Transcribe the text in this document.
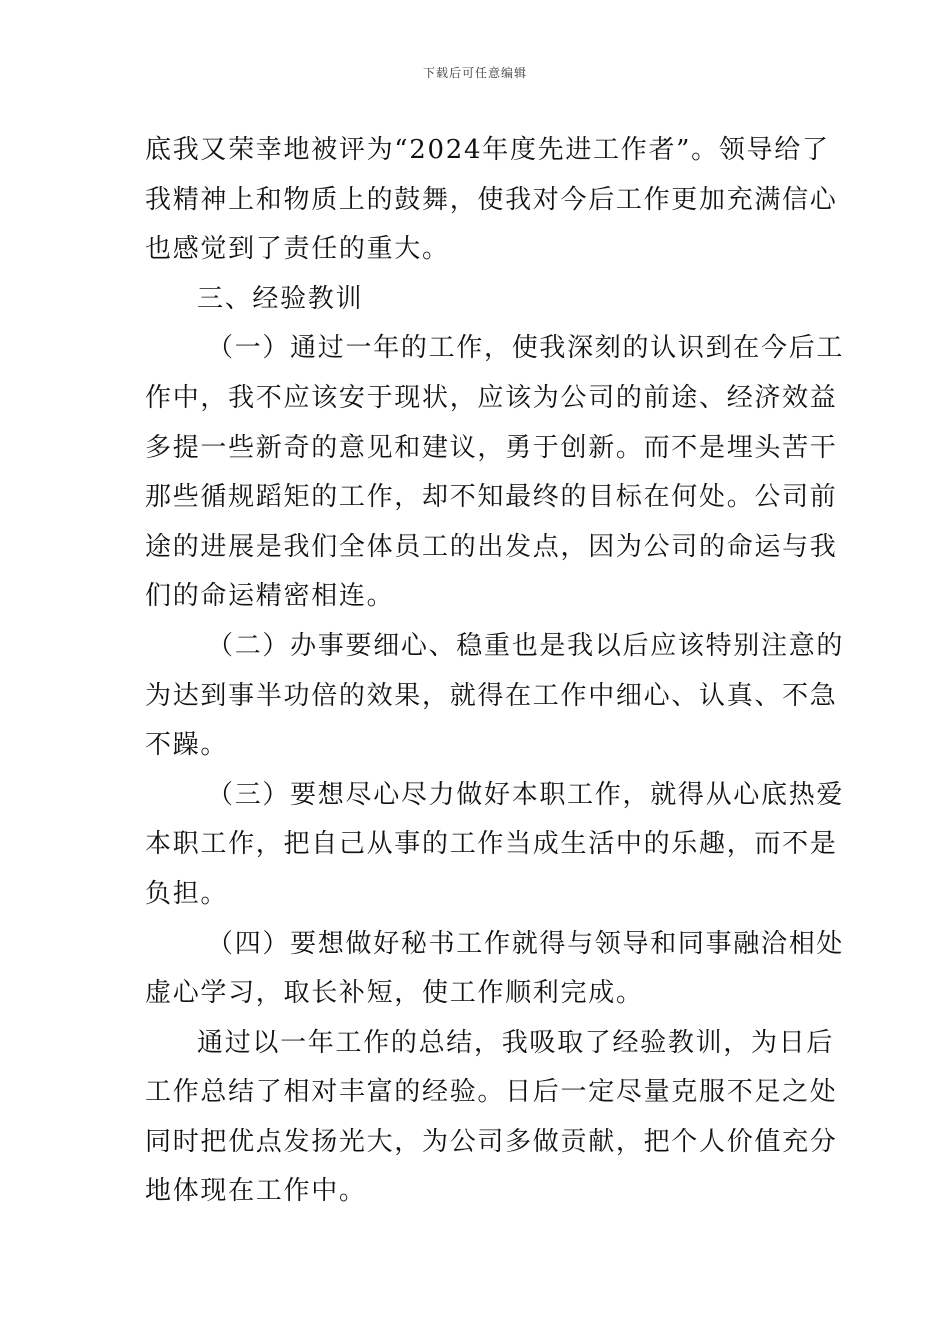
下载后可任意编辑
底我又荣幸地被评为“2024年度先进工作者”。领导给了
我精神上和物质上的鼓舞，使我对今后工作更加充满信心
也感觉到了责任的重大。
三、经验教训
（一）通过一年的工作，使我深刻的认识到在今后工
作中，我不应该安于现状，应该为公司的前途、经济效益
多提一些新奇的意见和建议，勇于创新。而不是埋头苦干
那些循规蹈矩的工作，却不知最终的目标在何处。公司前
途的进展是我们全体员工的出发点，因为公司的命运与我
们的命运精密相连。
（二）办事要细心、稳重也是我以后应该特别注意的
为达到事半功倍的效果，就得在工作中细心、认真、不急
不躁。
（三）要想尽心尽力做好本职工作，就得从心底热爱
本职工作，把自己从事的工作当成生活中的乐趣，而不是
负担。
（四）要想做好秘书工作就得与领导和同事融洽相处
虚心学习，取长补短，使工作顺利完成。
通过以一年工作的总结，我吸取了经验教训，为日后
工作总结了相对丰富的经验。日后一定尽量克服不足之处
同时把优点发扬光大，为公司多做贡献，把个人价值充分
地体现在工作中。
